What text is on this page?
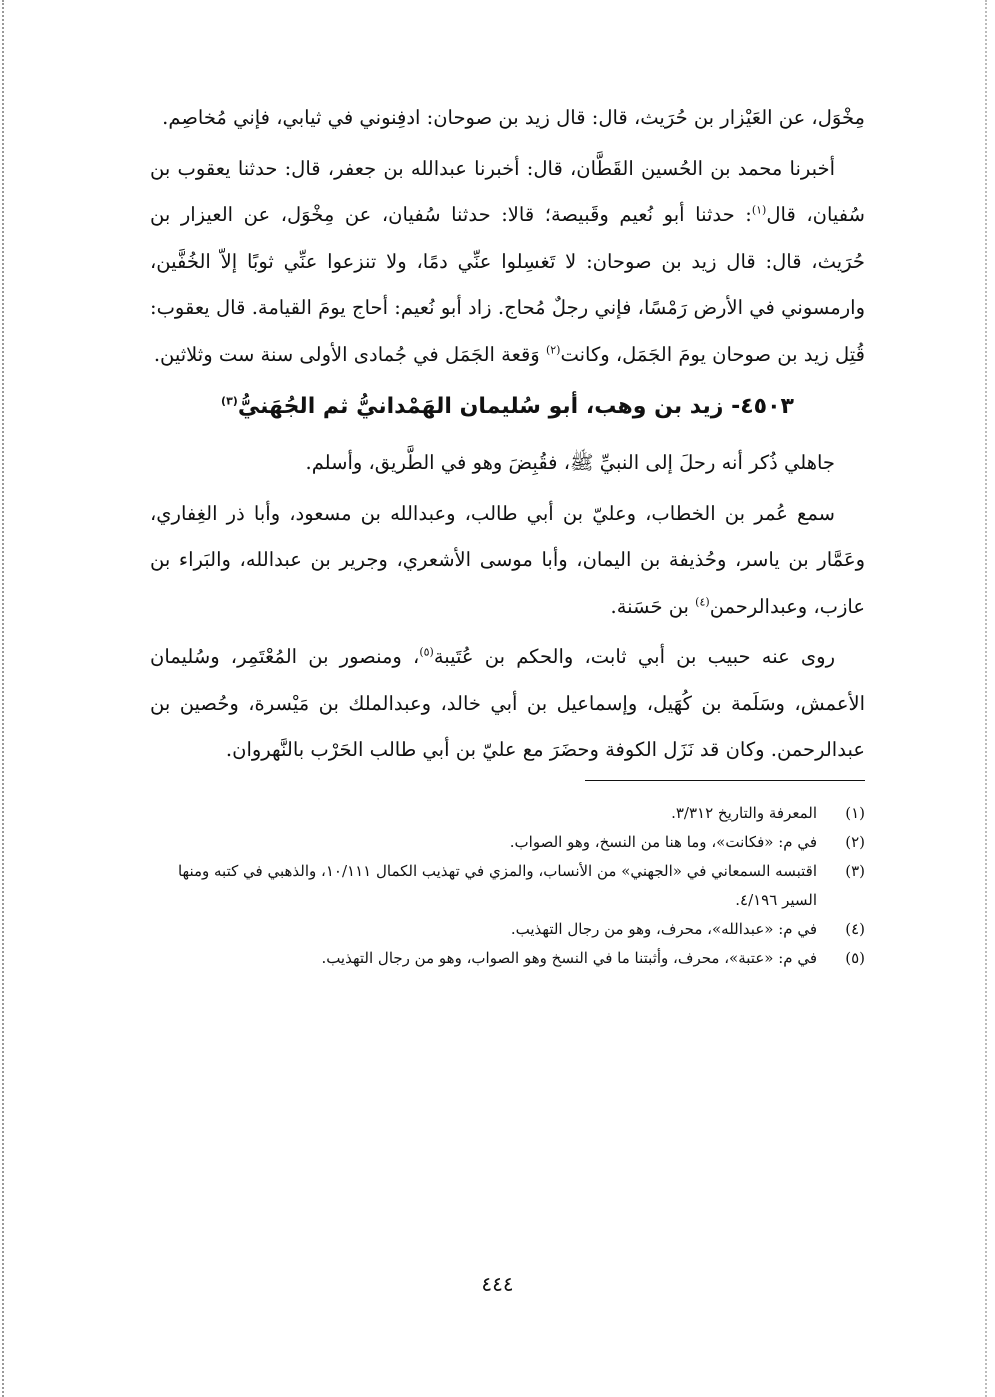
مِخْوَل، عن العَيْزار بن حُرَيث، قال: قال زيد بن صوحان: ادفِنوني في ثيابي، فإني مُخاصِم.

أخبرنا محمد بن الحُسين القَطَّان، قال: أخبرنا عبدالله بن جعفر، قال: حدثنا يعقوب بن سُفيان، قال$^{(١)}$: حدثنا أبو نُعيم وقَبيصة؛ قالا: حدثنا سُفيان، عن مِخْوَل، عن العيزار بن حُرَيث، قال: قال زيد بن صوحان: لا تَغسِلوا عنِّي دمًا، ولا تنزعوا عنِّي ثوبًا إلاّ الخُفَّين، وارمسوني في الأرض رَمْسًا، فإني رجلٌ مُحاج. زاد أبو نُعيم: أحاج يومَ القيامة. قال يعقوب: قُتِل زيد بن صوحان يومَ الجَمَل، وكانت$^{(٢)}$ وَقعة الجَمَل في جُمادى الأولى سنة ست وثلاثين.

٤٥٠٣- زيد بن وهب، أبو سُليمان الهَمْدانيُّ ثم الجُهَنيُّ$^{(٣)}$

جاهلي ذُكر أنه رحلَ إلى النبيِّ ﷺ، فقُبِضَ وهو في الطَّريق، وأسلم.

سمع عُمر بن الخطاب، وعليّ بن أبي طالب، وعبدالله بن مسعود، وأبا ذر الغِفاري، وعَمَّار بن ياسر، وحُذيفة بن اليمان، وأبا موسى الأشعري، وجرير بن عبدالله، والبَراء بن عازب، وعبدالرحمن$^{(٤)}$ بن حَسَنة.

روى عنه حبيب بن أبي ثابت، والحكم بن عُتَيبة$^{(٥)}$، ومنصور بن المُعْتَمِر، وسُليمان الأعمش، وسَلَمة بن كُهَيل، وإسماعيل بن أبي خالد، وعبدالملك بن مَيْسرة، وحُصين بن عبدالرحمن. وكان قد نَزَل الكوفة وحضَرَ مع عليّ بن أبي طالب الحَرْب بالنَّهروان.

(١)
المعرفة والتاريخ ٣/٣١٢.
(٢)
في م: «فكانت»، وما هنا من النسخ، وهو الصواب.
(٣)
اقتبسه السمعاني في «الجهني» من الأنساب، والمزي في تهذيب الكمال ١٠/١١١، والذهبي في كتبه ومنها السير ٤/١٩٦.
(٤)
في م: «عبدالله»، محرف، وهو من رجال التهذيب.
(٥)
في م: «عتبة»، محرف، وأثبتنا ما في النسخ وهو الصواب، وهو من رجال التهذيب.
٤٤٤
